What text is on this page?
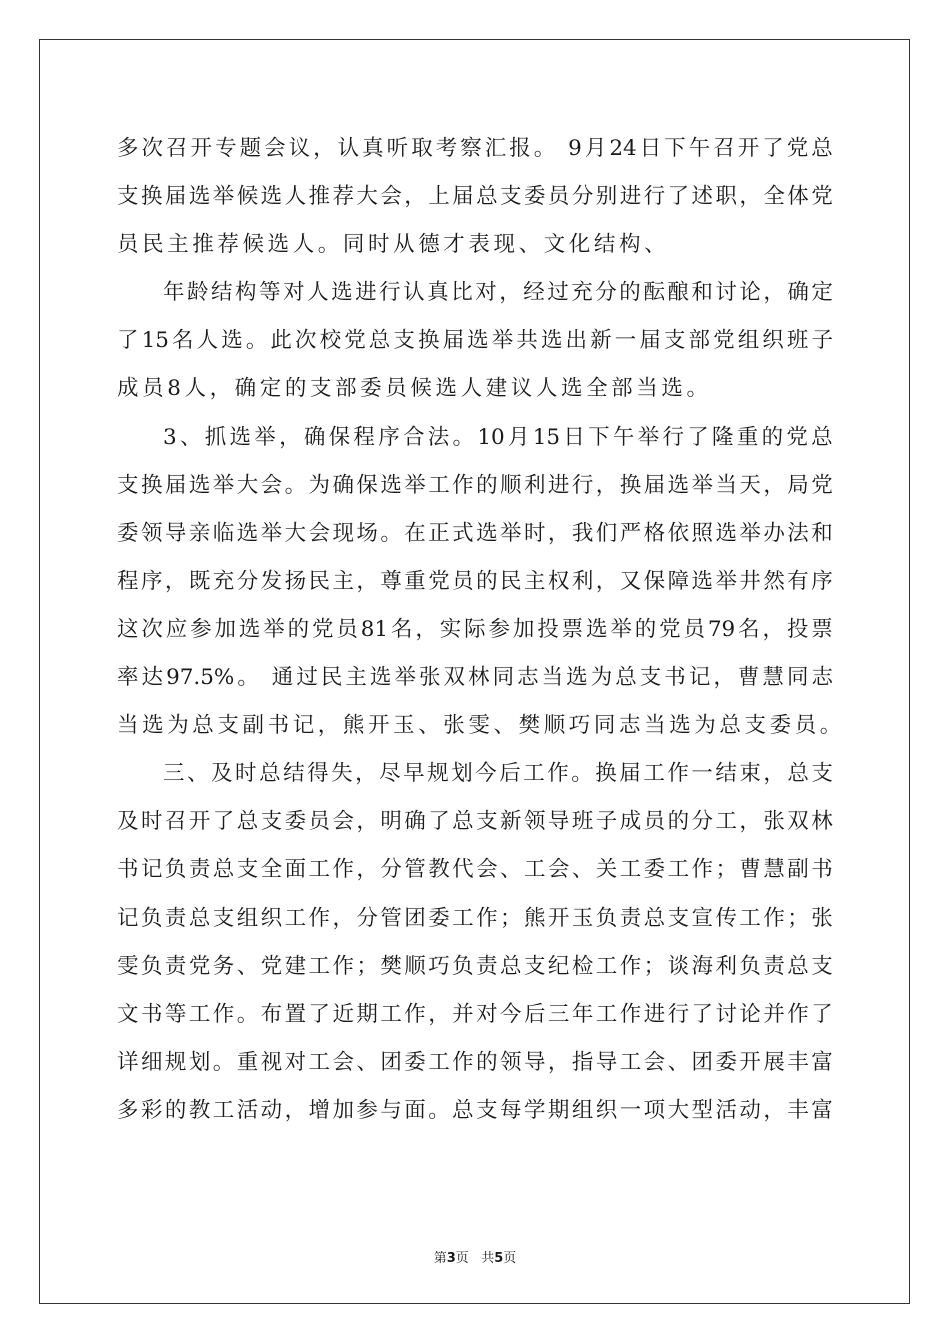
多 次 召 开 专 题 会 议 ， 认 真 听 取 考 察 汇 报 。
9 月 24 日 下 午 召 开 了 党 总
支 换 届 选 举 候 选 人 推 荐 大 会 ， 上 届 总 支 委 员 分 别 进 行 了 述 职 ， 全 体 党
员民主推荐候选人。同时从德才表现、文化结构、
年 龄 结 构 等 对 人 选 进 行 认 真 比 对 ， 经 过 充 分 的 酝 酿 和 讨 论 ， 确 定
了 15 名 人 选 。 此 次 校 党 总 支 换 届 选 举 共 选 出 新 一 届 支 部 党 组 织 班 子
成员8人，确定的支部委员候选人建议人选全部当选。
3 、 抓 选 举 ， 确 保 程 序 合 法 。 10 月 15 日 下 午 举 行 了 隆 重 的 党 总
支 换 届 选 举 大 会 。 为 确 保 选 举 工 作 的 顺 利 进 行 ， 换 届 选 举 当 天 ， 局 党
委 领 导 亲 临 选 举 大 会 现 场 。 在 正 式 选 举 时 ， 我 们 严 格 依 照 选 举 办 法 和
程 序 ， 既 充 分 发 扬 民 主 ， 尊 重 党 员 的 民 主 权 利 ， 又 保 障 选 举 井 然 有 序
这 次 应 参 加 选 举 的 党 员 81 名 ， 实 际 参 加 投 票 选 举 的 党 员 79 名 ， 投 票
率 达 97.5% 。
通 过 民 主 选 举 张 双 林 同 志 当 选 为 总 支 书 记 ， 曹 慧 同 志
当选为总支副书记，熊开玉、张雯、樊顺巧同志当选为总支委员。
三 、 及 时 总 结 得 失 ， 尽 早 规 划 今 后 工 作 。 换 届 工 作 一 结 束 ， 总 支
及 时 召 开 了 总 支 委 员 会 ， 明 确 了 总 支 新 领 导 班 子 成 员 的 分 工 ， 张 双 林
书 记 负 责 总 支 全 面 工 作 ， 分 管 教 代 会 、 工 会 、 关 工 委 工 作 ； 曹 慧 副 书
记 负 责 总 支 组 织 工 作 ， 分 管 团 委 工 作 ； 熊 开 玉 负 责 总 支 宣 传 工 作 ； 张
雯 负 责 党 务 、 党 建 工 作 ； 樊 顺 巧 负 责 总 支 纪 检 工 作 ； 谈 海 利 负 责 总 支
文 书 等 工 作 。 布 置 了 近 期 工 作 ， 并 对 今 后 三 年 工 作 进 行 了 讨 论 并 作 了
详 细 规 划 。 重 视 对 工 会 、 团 委 工 作 的 领 导 ， 指 导 工 会 、 团 委 开 展 丰 富
多 彩 的 教 工 活 动 ， 增 加 参 与 面 。 总 支 每 学 期 组 织 一 项 大 型 活 动 ， 丰 富
第3页 共5页
